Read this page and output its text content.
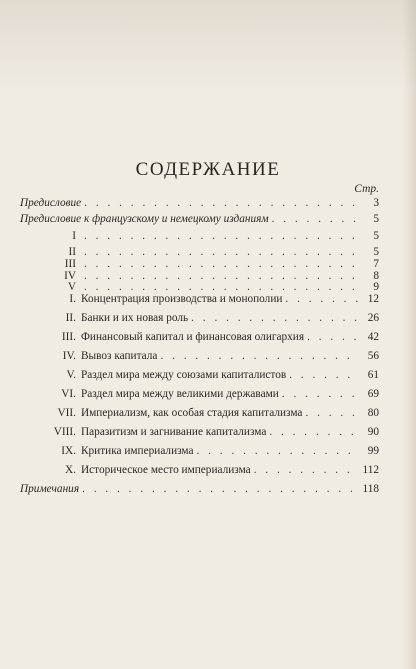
СОДЕРЖАНИЕ
Стр.
Предисловие . . .	3
Предисловие к французскому и немецкому изданиям . . .	5
I . . .	5
II . . .	5
III . . .	7
IV . . .	8
V . . .	9
I. Концентрация производства и монополии . . .	12
II. Банки и их новая роль . . .	26
III. Финансовый капитал и финансовая олигархия . . .	42
IV. Вывоз капитала . . .	56
V. Раздел мира между союзами капиталистов . . .	61
VI. Раздел мира между великими державами . . .	69
VII. Империализм, как особая стадия капитализма . . .	80
VIII. Паразитизм и загнивание капитализма . . .	90
IX. Критика империализма . . .	99
X. Историческое место империализма . . .	112
Примечания . . .	118
